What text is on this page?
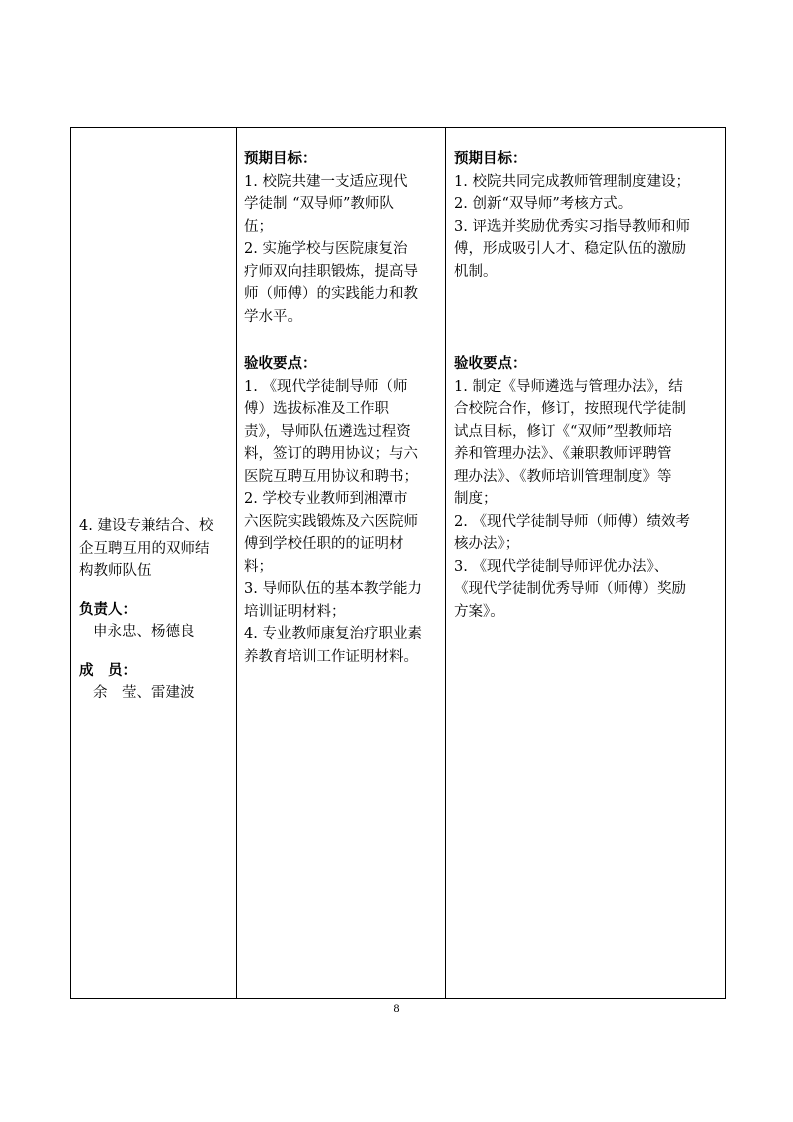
4. 建设专兼结合、校

企互聘互用的双师结

构教师队伍

负责人：

申永忠、杨德良

成　员：

余　莹、雷建波

预期目标：

1. 校院共建一支适应现代

学徒制 “双导师”教师队

伍；

2. 实施学校与医院康复治

疗师双向挂职锻炼，提高导

师（师傅）的实践能力和教

学水平。

验收要点：

1. 《现代学徒制导师（师

傅）选拔标准及工作职

责》，导师队伍遴选过程资

料，签订的聘用协议；与六

医院互聘互用协议和聘书；

2. 学校专业教师到湘潭市

六医院实践锻炼及六医院师

傅到学校任职的的证明材

料；

3. 导师队伍的基本教学能力

培训证明材料；

4. 专业教师康复治疗职业素

养教育培训工作证明材料。

预期目标：

1. 校院共同完成教师管理制度建设；

2. 创新“双导师”考核方式。

3. 评选并奖励优秀实习指导教师和师

傅，形成吸引人才、稳定队伍的激励

机制。

验收要点：

1. 制定《导师遴选与管理办法》，结

合校院合作，修订，按照现代学徒制

试点目标，修订《“双师”型教师培

养和管理办法》、《兼职教师评聘管

理办法》、《教师培训管理制度》等

制度；

2. 《现代学徒制导师（师傅）绩效考

核办法》；

3. 《现代学徒制导师评优办法》、

《现代学徒制优秀导师（师傅）奖励

方案》。

8
